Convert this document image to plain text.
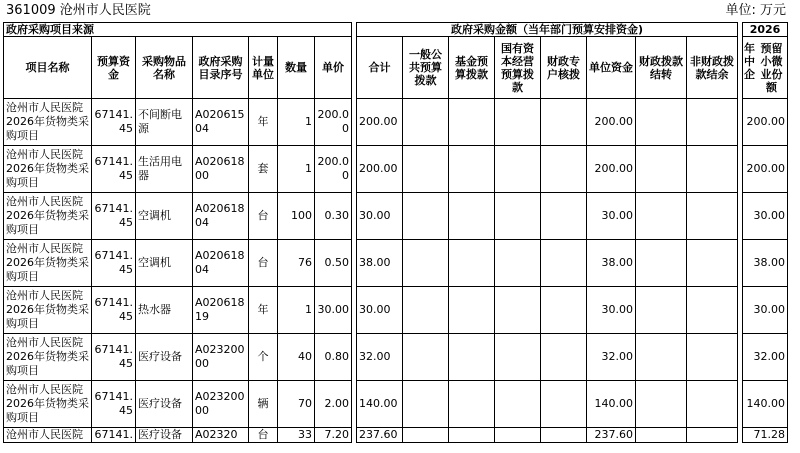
361009 沧州市人民医院	单位: 万元
政府采购项目来源								政府采购金额（当年部门预算安排资金)									2026
项目名称	预算资金	采购物品名称	政府采购目录序号	计量单位	数量	单价		合计	一般公共预算拨款	基金预算拨款	国有资本经营预算拨款	财政专户核拨	单位资金	财政拨款结转	非财政拨款结余		年中企
预留小微业份额

沧州市人民医院2026年货物类采购项目	67141.45	不间断电源	A02061504	年	1	200.00		200.00					200.00				200.00
沧州市人民医院2026年货物类采购项目	67141.45	生活用电器	A02061800	套	1	200.00		200.00					200.00				200.00
沧州市人民医院2026年货物类采购项目	67141.45	空调机	A02061804	台	100	0.30		30.00					30.00				30.00
沧州市人民医院2026年货物类采购项目	67141.45	空调机	A02061804	台	76	0.50		38.00					38.00				38.00
沧州市人民医院2026年货物类采购项目	67141.45	热水器	A02061819	年	1	30.00		30.00					30.00				30.00
沧州市人民医院2026年货物类采购项目	67141.45	医疗设备	A02320000	个	40	0.80		32.00					32.00				32.00
沧州市人民医院2026年货物类采购项目	67141.45	医疗设备	A02320000	辆	70	2.00		140.00					140.00				140.00
沧州市人民医院	67141.	医疗设备	A02320	台	33	7.20		237.60					237.60				71.28
